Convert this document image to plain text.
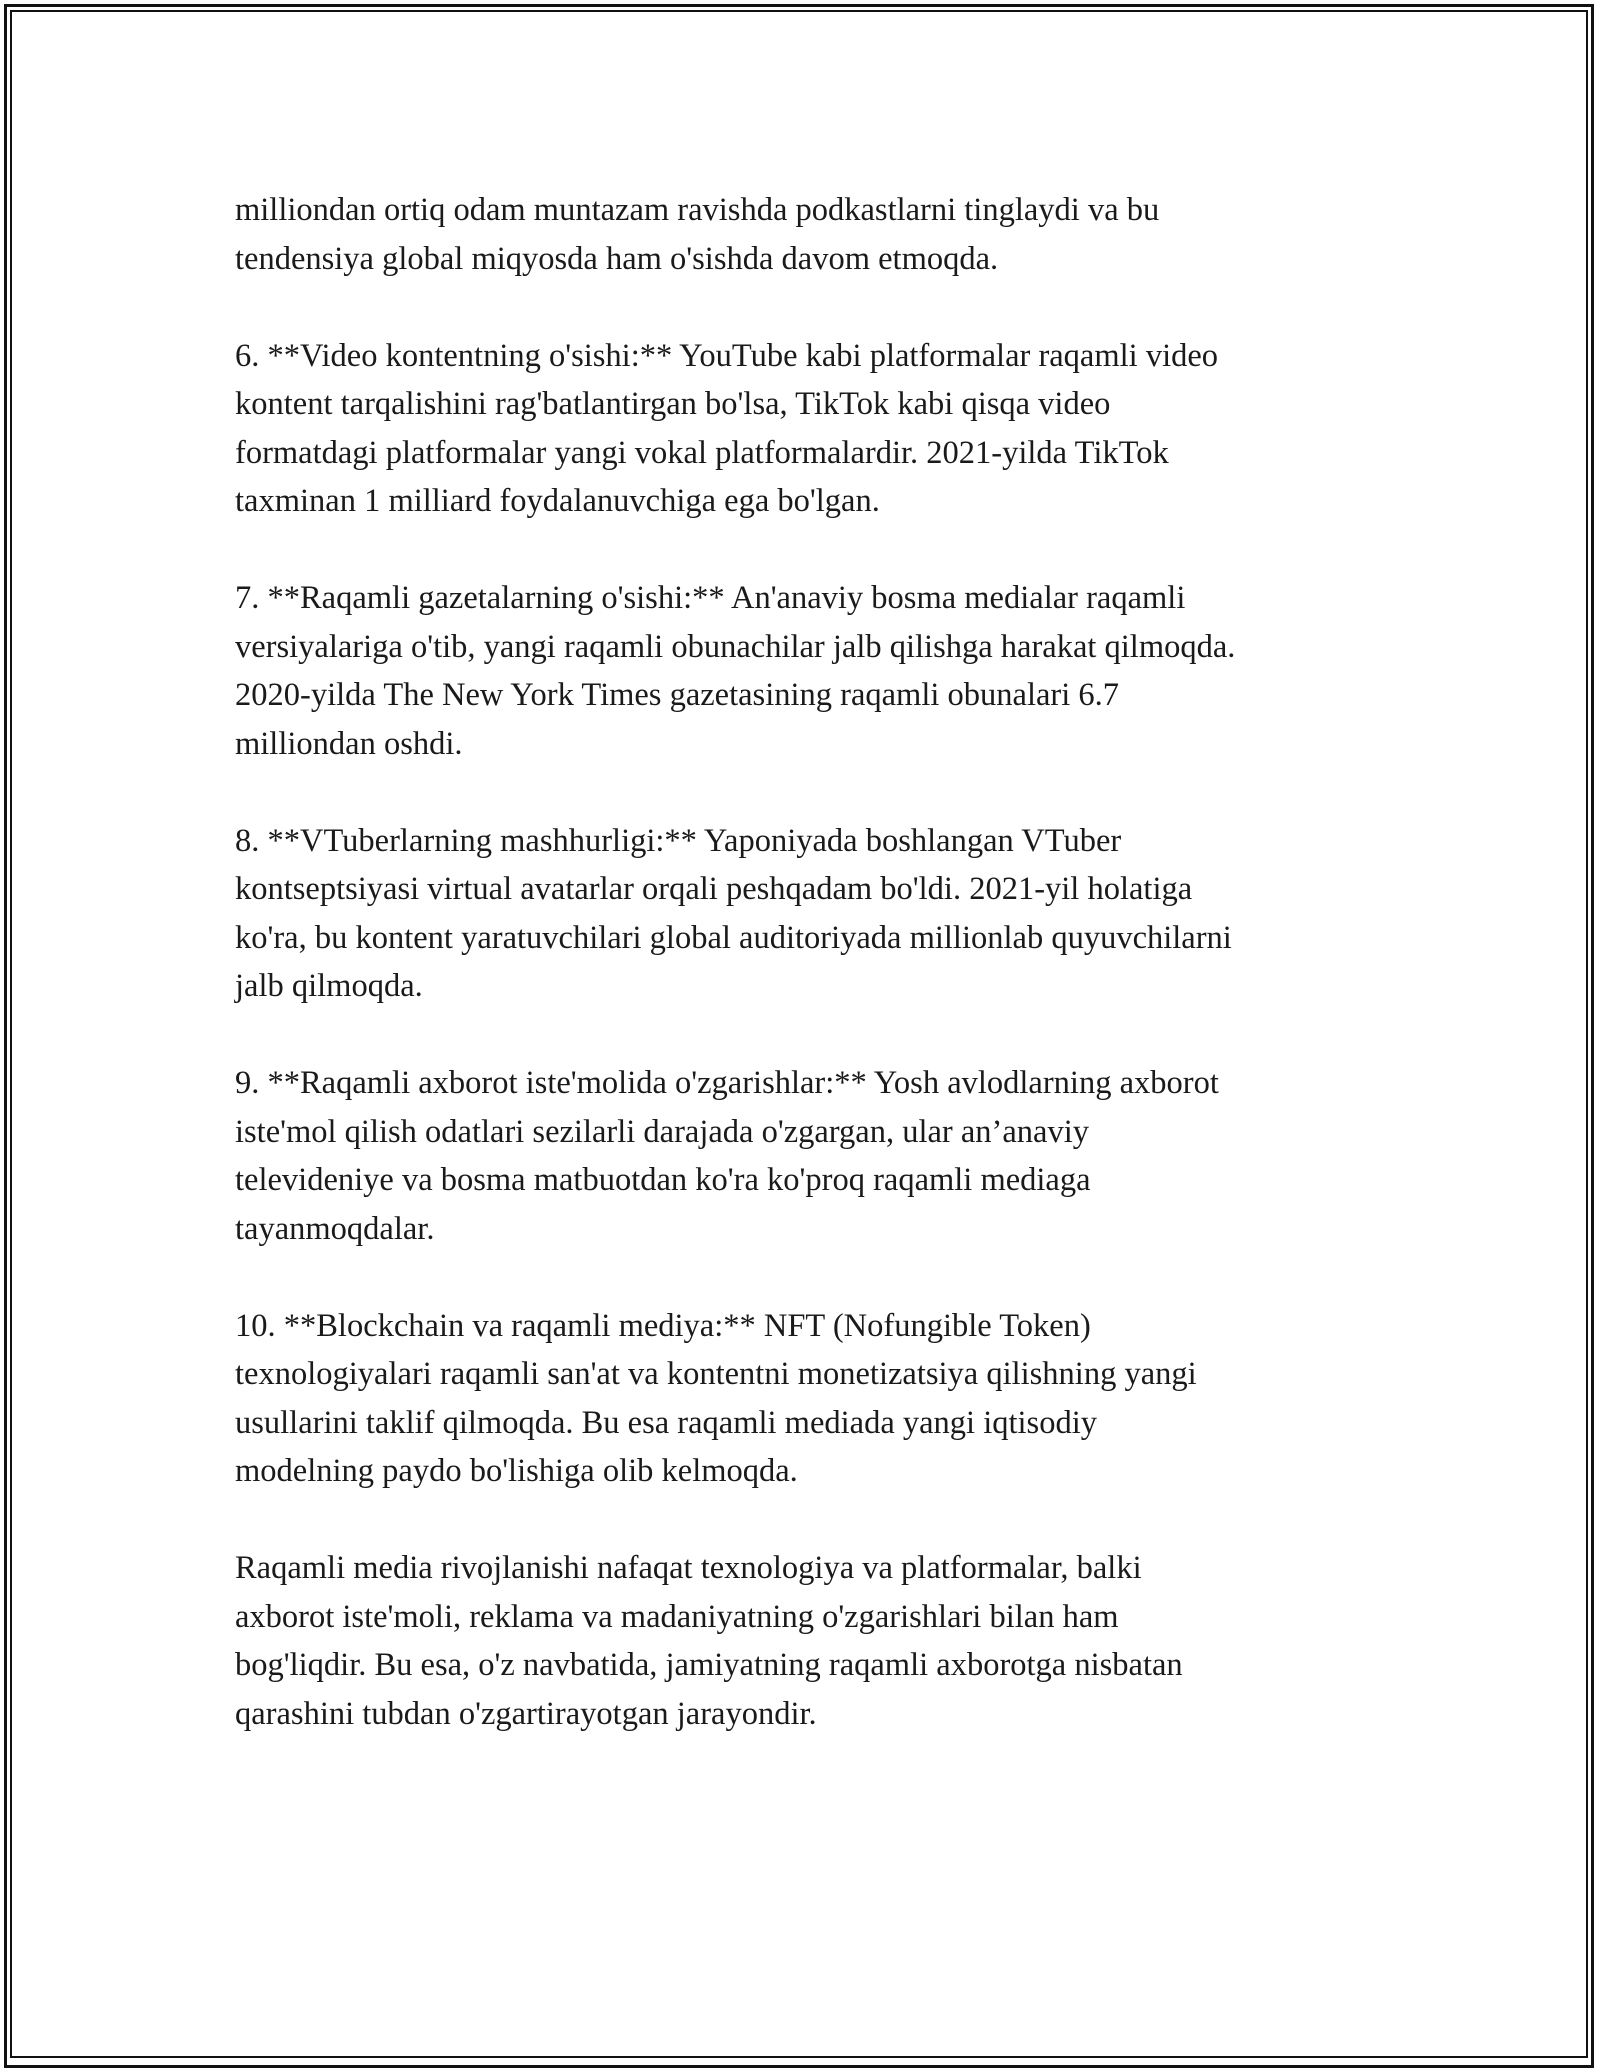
milliondan ortiq odam muntazam ravishda podkastlarni tinglaydi va bu
tendensiya global miqyosda ham o'sishda davom etmoqda.

6. **Video kontentning o'sishi:** YouTube kabi platformalar raqamli video
kontent tarqalishini rag'batlantirgan bo'lsa, TikTok kabi qisqa video
formatdagi platformalar yangi vokal platformalardir. 2021-yilda TikTok
taxminan 1 milliard foydalanuvchiga ega bo'lgan.

7. **Raqamli gazetalarning o'sishi:** An'anaviy bosma medialar raqamli
versiyalariga o'tib, yangi raqamli obunachilar jalb qilishga harakat qilmoqda.
2020-yilda The New York Times gazetasining raqamli obunalari 6.7
milliondan oshdi.

8. **VTuberlarning mashhurligi:** Yaponiyada boshlangan VTuber
kontseptsiyasi virtual avatarlar orqali peshqadam bo'ldi. 2021-yil holatiga
ko'ra, bu kontent yaratuvchilari global auditoriyada millionlab quyuvchilarni
jalb qilmoqda.

9. **Raqamli axborot iste'molida o'zgarishlar:** Yosh avlodlarning axborot
iste'mol qilish odatlari sezilarli darajada o'zgargan, ular an’anaviy
televideniye va bosma matbuotdan ko'ra ko'proq raqamli mediaga
tayanmoqdalar.

10. **Blockchain va raqamli mediya:** NFT (Nofungible Token)
texnologiyalari raqamli san'at va kontentni monetizatsiya qilishning yangi
usullarini taklif qilmoqda. Bu esa raqamli mediada yangi iqtisodiy
modelning paydo bo'lishiga olib kelmoqda.

Raqamli media rivojlanishi nafaqat texnologiya va platformalar, balki
axborot iste'moli, reklama va madaniyatning o'zgarishlari bilan ham
bog'liqdir. Bu esa, o'z navbatida, jamiyatning raqamli axborotga nisbatan
qarashini tubdan o'zgartirayotgan jarayondir.
